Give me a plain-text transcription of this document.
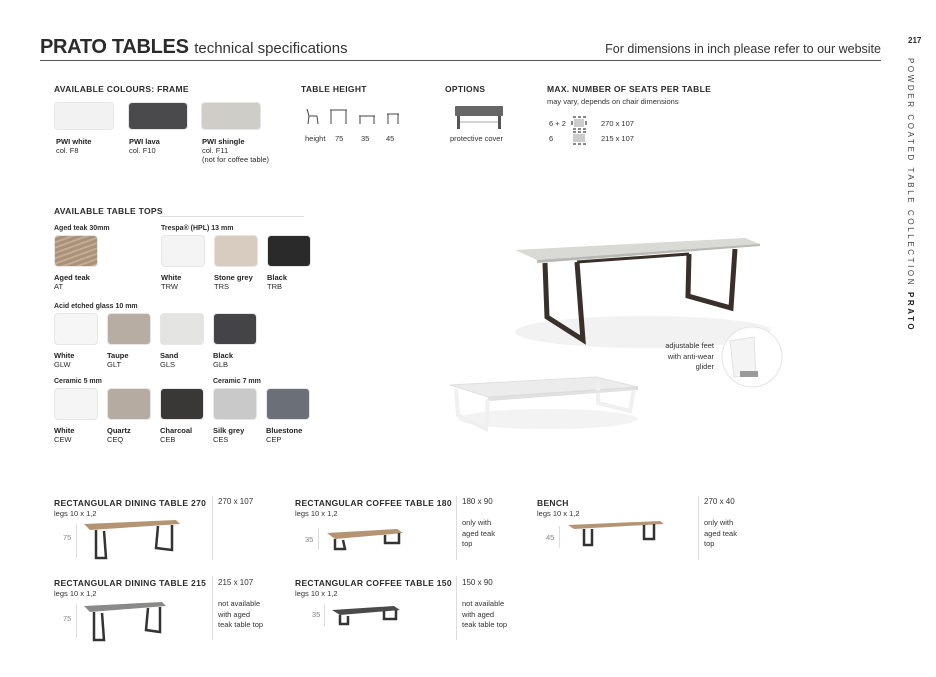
PRATO TABLES technical specifications	For dimensions in inch please refer to our website
217
POWDER COATED TABLE COLLECTION PRATO
AVAILABLE COLOURS: FRAME
PWI white
col. F8
PWI lava
col. F10
PWI shingle
col. F11
(not for coffee table)
TABLE HEIGHT
height 75 35 45
OPTIONS
protective cover
MAX. NUMBER OF SEATS PER TABLE
may vary, depends on chair dimensions
6 + 2	270 x 107
6	215 x 107
AVAILABLE TABLE TOPS
Aged teak 30mm	Trespa® (HPL) 13 mm
Aged teak
AT
White
TRW
Stone grey
TRS
Black
TRB
Acid etched glass 10 mm
White
GLW
Taupe
GLT
Sand
GLS
Black
GLB
Ceramic 5 mm	Ceramic 7 mm
White
CEW
Quartz
CEQ
Charcoal
CEB
Silk grey
CES
Bluestone
CEP
adjustable feet
with anti-wear
glider
RECTANGULAR DINING TABLE 270
legs 10 x 1,2
75
270 x 107	RECTANGULAR COFFEE TABLE 180
legs 10 x 1,2
35
180 x 90
only with
aged teak
top
BENCH
legs 10 x 1,2
45
270 x 40
only with
aged teak
top
RECTANGULAR DINING TABLE 215
legs 10 x 1,2
75
215 x 107
not available
with aged
teak table top
RECTANGULAR COFFEE TABLE 150
legs 10 x 1,2
35
150 x 90
not available
with aged
teak table top
